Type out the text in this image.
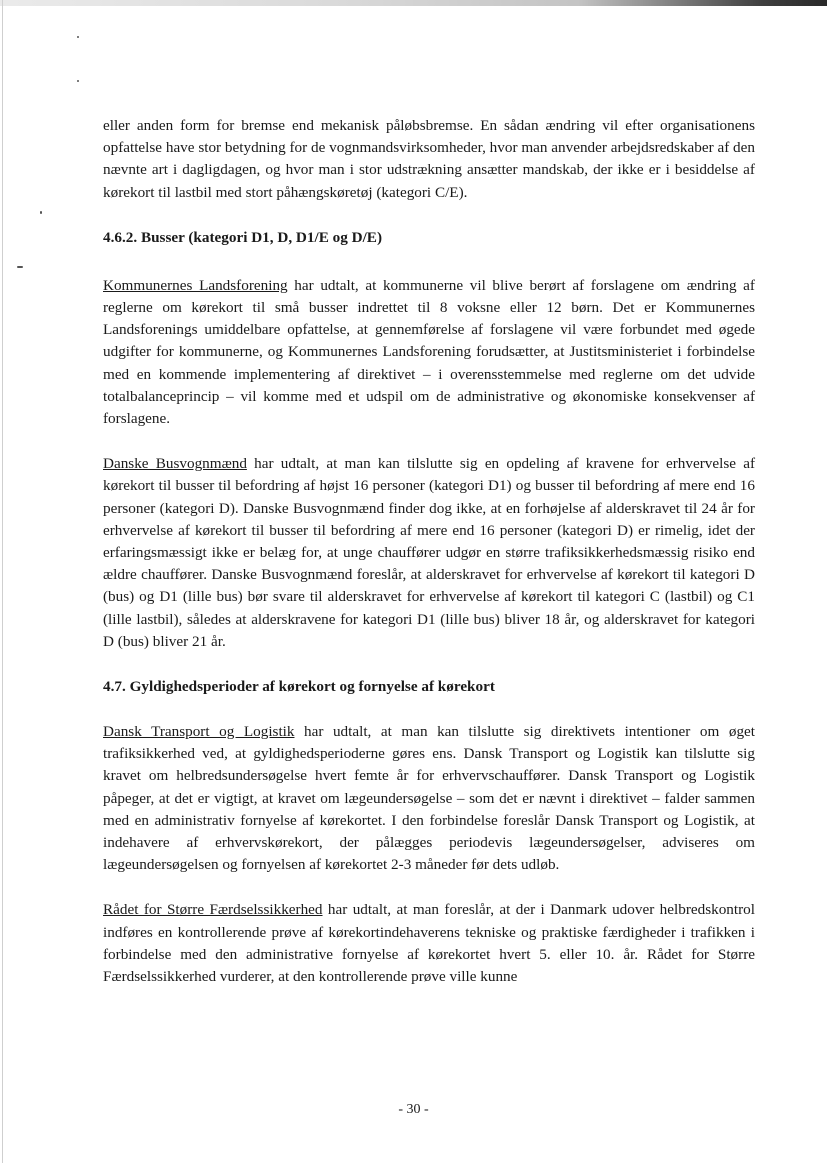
eller anden form for bremse end mekanisk påløbsbremse. En sådan ændring vil efter organisationens opfattelse have stor betydning for de vognmandsvirksomheder, hvor man anvender arbejdsredskaber af den nævnte art i dagligdagen, og hvor man i stor udstrækning ansætter mandskab, der ikke er i besiddelse af kørekort til lastbil med stort påhængskøretøj (kategori C/E).

4.6.2. Busser (kategori D1, D, D1/E og D/E)

Kommunernes Landsforening har udtalt, at kommunerne vil blive berørt af forslagene om ændring af reglerne om kørekort til små busser indrettet til 8 voksne eller 12 børn. Det er Kommunernes Landsforenings umiddelbare opfattelse, at gennemførelse af forslagene vil være forbundet med øgede udgifter for kommunerne, og Kommunernes Landsforening forudsætter, at Justitsministeriet i forbindelse med en kommende implementering af direktivet – i overensstemmelse med reglerne om det udvide totalbalanceprincip – vil komme med et udspil om de administrative og økonomiske konsekvenser af forslagene.

Danske Busvognmænd har udtalt, at man kan tilslutte sig en opdeling af kravene for erhvervelse af kørekort til busser til befordring af højst 16 personer (kategori D1) og busser til befordring af mere end 16 personer (kategori D). Danske Busvognmænd finder dog ikke, at en forhøjelse af alderskravet til 24 år for erhvervelse af kørekort til busser til befordring af mere end 16 personer (kategori D) er rimelig, idet der erfaringsmæssigt ikke er belæg for, at unge chauffører udgør en større trafiksikkerhedsmæssig risiko end ældre chauffører. Danske Busvognmænd foreslår, at alderskravet for erhvervelse af kørekort til kategori D (bus) og D1 (lille bus) bør svare til alderskravet for erhvervelse af kørekort til kategori C (lastbil) og C1 (lille lastbil), således at alderskravene for kategori D1 (lille bus) bliver 18 år, og alderskravet for kategori D (bus) bliver 21 år.

4.7. Gyldighedsperioder af kørekort og fornyelse af kørekort

Dansk Transport og Logistik har udtalt, at man kan tilslutte sig direktivets intentioner om øget trafiksikkerhed ved, at gyldighedsperioderne gøres ens. Dansk Transport og Logistik kan tilslutte sig kravet om helbredsundersøgelse hvert femte år for erhvervschauffører. Dansk Transport og Logistik påpeger, at det er vigtigt, at kravet om lægeundersøgelse – som det er nævnt i direktivet – falder sammen med en administrativ fornyelse af kørekortet. I den forbindelse foreslår Dansk Transport og Logistik, at indehavere af erhvervskørekort, der pålægges periodevis lægeundersøgelser, adviseres om lægeundersøgelsen og fornyelsen af kørekortet 2-3 måneder før dets udløb.

Rådet for Større Færdselssikkerhed har udtalt, at man foreslår, at der i Danmark udover helbredskontrol indføres en kontrollerende prøve af kørekortindehaverens tekniske og praktiske færdigheder i trafikken i forbindelse med den administrative fornyelse af kørekortet hvert 5. eller 10. år. Rådet for Større Færdselssikkerhed vurderer, at den kontrollerende prøve ville kunne

- 30 -
